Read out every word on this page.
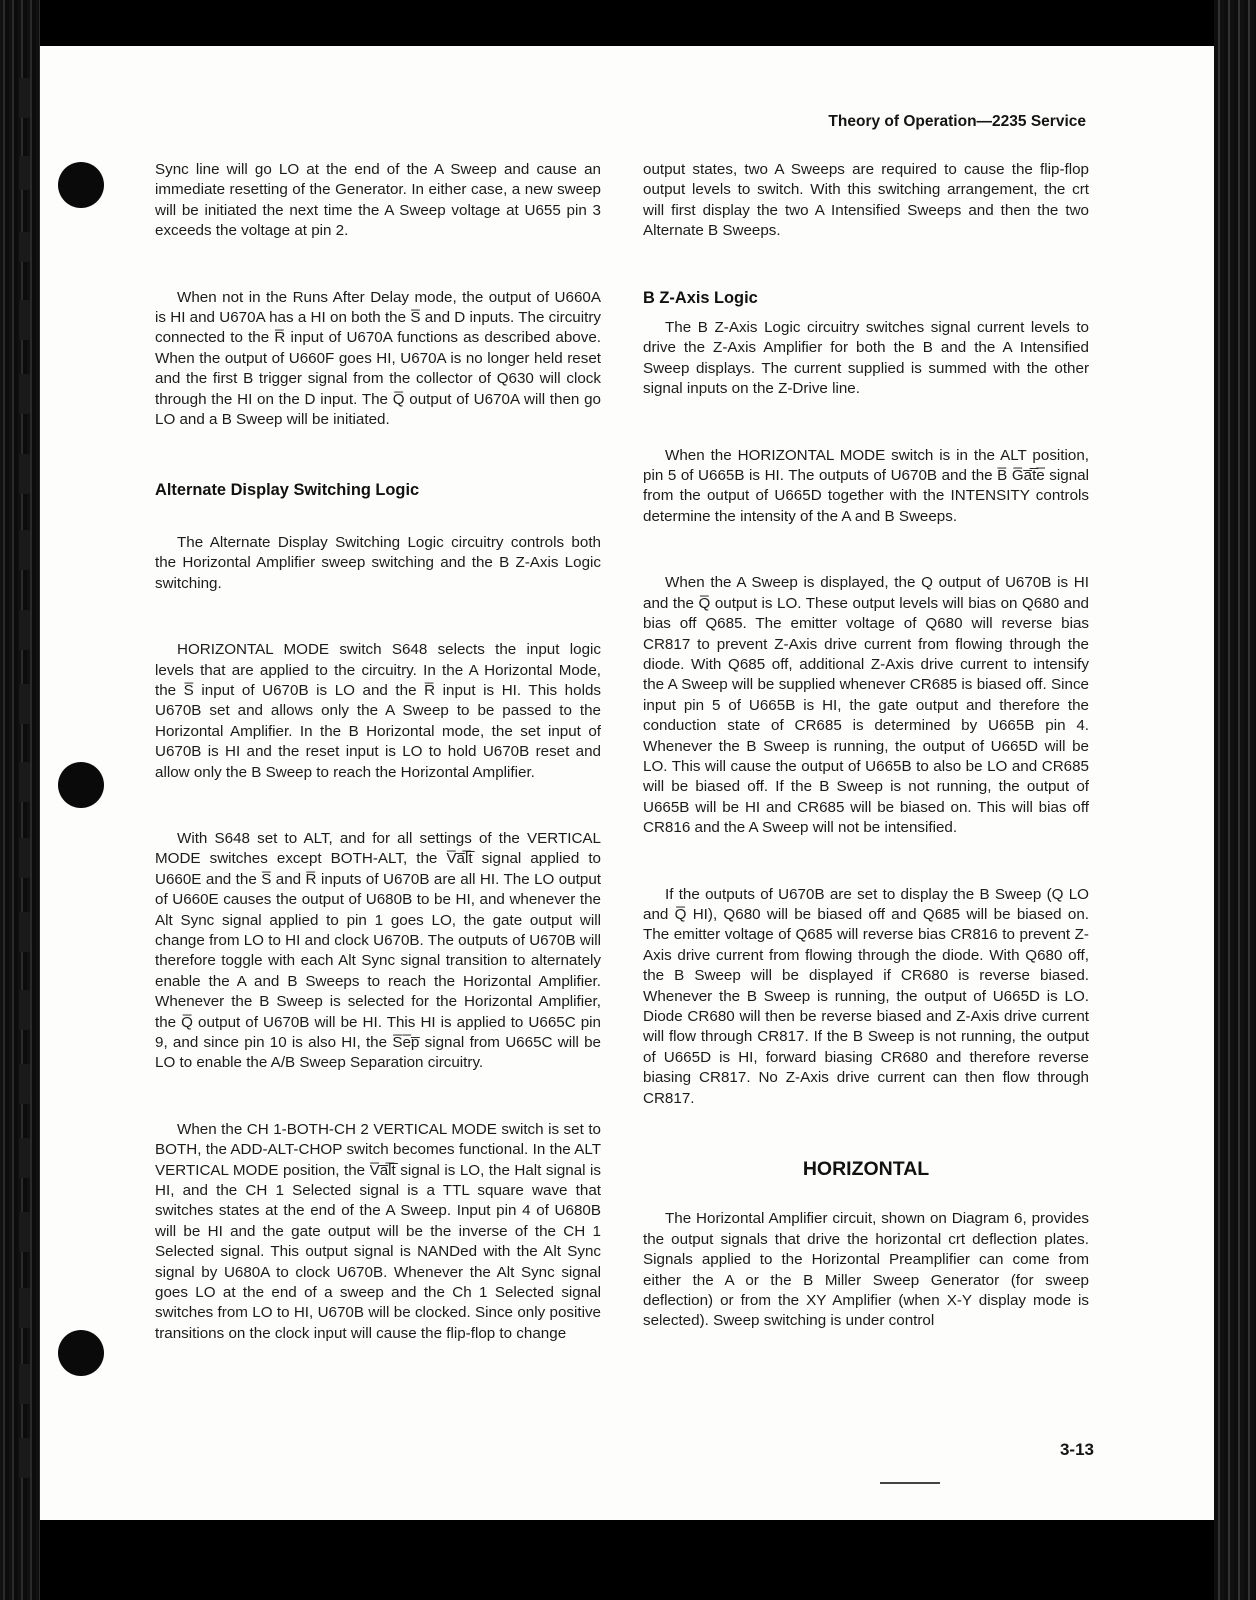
Theory of Operation—2235 Service

Sync line will go LO at the end of the A Sweep and cause an immediate resetting of the Generator. In either case, a new sweep will be initiated the next time the A Sweep voltage at U655 pin 3 exceeds the voltage at pin 2.

When not in the Runs After Delay mode, the output of U660A is HI and U670A has a HI on both the S̅ and D inputs. The circuitry connected to the R̅ input of U670A functions as described above. When the output of U660F goes HI, U670A is no longer held reset and the first B trigger signal from the collector of Q630 will clock through the HI on the D input. The Q̅ output of U670A will then go LO and a B Sweep will be initiated.

Alternate Display Switching Logic

The Alternate Display Switching Logic circuitry controls both the Horizontal Amplifier sweep switching and the B Z-Axis Logic switching.

HORIZONTAL MODE switch S648 selects the input logic levels that are applied to the circuitry. In the A Horizontal Mode, the S̅ input of U670B is LO and the R̅ input is HI. This holds U670B set and allows only the A Sweep to be passed to the Horizontal Amplifier. In the B Horizontal mode, the set input of U670B is HI and the reset input is LO to hold U670B reset and allow only the B Sweep to reach the Horizontal Amplifier.

With S648 set to ALT, and for all settings of the VERTICAL MODE switches except BOTH-ALT, the V̅a̅l̅t̅ signal applied to U660E and the S̅ and R̅ inputs of U670B are all HI. The LO output of U660E causes the output of U680B to be HI, and whenever the Alt Sync signal applied to pin 1 goes LO, the gate output will change from LO to HI and clock U670B. The outputs of U670B will therefore toggle with each Alt Sync signal transition to alternately enable the A and B Sweeps to reach the Horizontal Amplifier. Whenever the B Sweep is selected for the Horizontal Amplifier, the Q̅ output of U670B will be HI. This HI is applied to U665C pin 9, and since pin 10 is also HI, the S̅e̅p̅ signal from U665C will be LO to enable the A/B Sweep Separation circuitry.

When the CH 1-BOTH-CH 2 VERTICAL MODE switch is set to BOTH, the ADD-ALT-CHOP switch becomes functional. In the ALT VERTICAL MODE position, the V̅a̅l̅t̅ signal is LO, the Halt signal is HI, and the CH 1 Selected signal is a TTL square wave that switches states at the end of the A Sweep. Input pin 4 of U680B will be HI and the gate output will be the inverse of the CH 1 Selected signal. This output signal is NANDed with the Alt Sync signal by U680A to clock U670B. Whenever the Alt Sync signal goes LO at the end of a sweep and the Ch 1 Selected signal switches from LO to HI, U670B will be clocked. Since only positive transitions on the clock input will cause the flip-flop to change

output states, two A Sweeps are required to cause the flip-flop output levels to switch. With this switching arrangement, the crt will first display the two A Intensified Sweeps and then the two Alternate B Sweeps.

B Z-Axis Logic

The B Z-Axis Logic circuitry switches signal current levels to drive the Z-Axis Amplifier for both the B and the A Intensified Sweep displays. The current supplied is summed with the other signal inputs on the Z-Drive line.

When the HORIZONTAL MODE switch is in the ALT position, pin 5 of U665B is HI. The outputs of U670B and the B̅ G̅a̅t̅e̅ signal from the output of U665D together with the INTENSITY controls determine the intensity of the A and B Sweeps.

When the A Sweep is displayed, the Q output of U670B is HI and the Q̅ output is LO. These output levels will bias on Q680 and bias off Q685. The emitter voltage of Q680 will reverse bias CR817 to prevent Z-Axis drive current from flowing through the diode. With Q685 off, additional Z-Axis drive current to intensify the A Sweep will be supplied whenever CR685 is biased off. Since input pin 5 of U665B is HI, the gate output and therefore the conduction state of CR685 is determined by U665B pin 4. Whenever the B Sweep is running, the output of U665D will be LO. This will cause the output of U665B to also be LO and CR685 will be biased off. If the B Sweep is not running, the output of U665B will be HI and CR685 will be biased on. This will bias off CR816 and the A Sweep will not be intensified.

If the outputs of U670B are set to display the B Sweep (Q LO and Q̅ HI), Q680 will be biased off and Q685 will be biased on. The emitter voltage of Q685 will reverse bias CR816 to prevent Z-Axis drive current from flowing through the diode. With Q680 off, the B Sweep will be displayed if CR680 is reverse biased. Whenever the B Sweep is running, the output of U665D is LO. Diode CR680 will then be reverse biased and Z-Axis drive current will flow through CR817. If the B Sweep is not running, the output of U665D is HI, forward biasing CR680 and therefore reverse biasing CR817. No Z-Axis drive current can then flow through CR817.

HORIZONTAL

The Horizontal Amplifier circuit, shown on Diagram 6, provides the output signals that drive the horizontal crt deflection plates. Signals applied to the Horizontal Preamplifier can come from either the A or the B Miller Sweep Generator (for sweep deflection) or from the XY Amplifier (when X-Y display mode is selected). Sweep switching is under control

3-13
